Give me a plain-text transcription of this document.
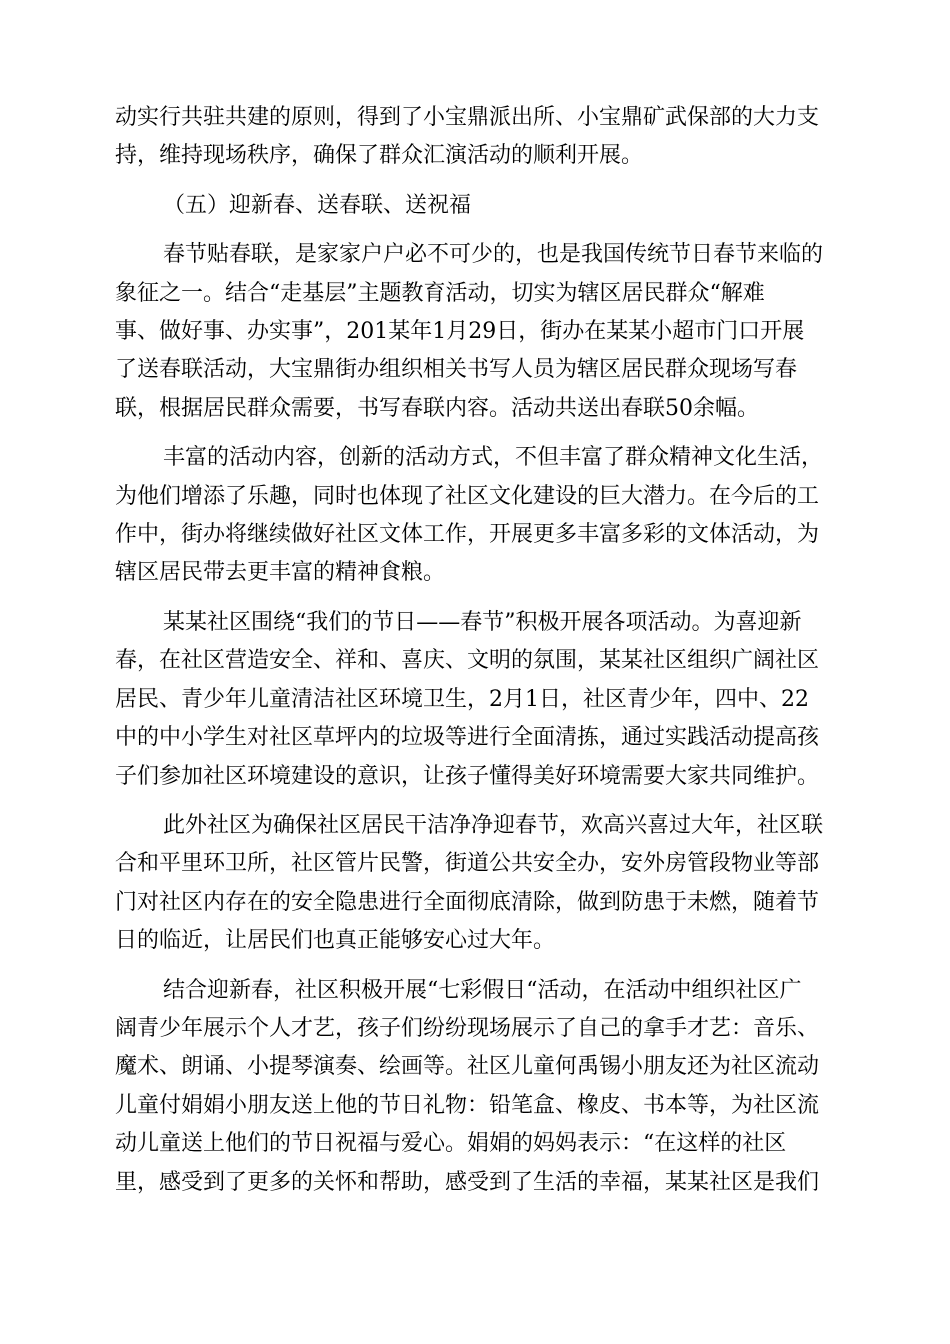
动实行共驻共建的原则，得到了小宝鼎派出所、小宝鼎矿武保部的大力支
持，维持现场秩序，确保了群众汇演活动的顺利开展。

（五）迎新春、送春联、送祝福

春节贴春联，是家家户户必不可少的，也是我国传统节日春节来临的
象征之一。结合“走基层”主题教育活动，切实为辖区居民群众“解难
事、做好事、办实事”，201某年1月29日，街办在某某小超市门口开展
了送春联活动，大宝鼎街办组织相关书写人员为辖区居民群众现场写春
联，根据居民群众需要，书写春联内容。活动共送出春联50余幅。

丰富的活动内容，创新的活动方式，不但丰富了群众精神文化生活，
为他们增添了乐趣，同时也体现了社区文化建设的巨大潜力。在今后的工
作中，街办将继续做好社区文体工作，开展更多丰富多彩的文体活动，为
辖区居民带去更丰富的精神食粮。

某某社区围绕“我们的节日——春节”积极开展各项活动。为喜迎新
春，在社区营造安全、祥和、喜庆、文明的氛围，某某社区组织广阔社区
居民、青少年儿童清洁社区环境卫生，2月1日，社区青少年，四中、22
中的中小学生对社区草坪内的垃圾等进行全面清拣，通过实践活动提高孩
子们参加社区环境建设的意识，让孩子懂得美好环境需要大家共同维护。

此外社区为确保社区居民干洁净净迎春节，欢高兴喜过大年，社区联
合和平里环卫所，社区管片民警，街道公共安全办，安外房管段物业等部
门对社区内存在的安全隐患进行全面彻底清除，做到防患于未燃，随着节
日的临近，让居民们也真正能够安心过大年。

结合迎新春，社区积极开展“七彩假日“活动，在活动中组织社区广
阔青少年展示个人才艺，孩子们纷纷现场展示了自己的拿手才艺：音乐、
魔术、朗诵、小提琴演奏、绘画等。社区儿童何禹锡小朋友还为社区流动
儿童付娟娟小朋友送上他的节日礼物：铅笔盒、橡皮、书本等，为社区流
动儿童送上他们的节日祝福与爱心。娟娟的妈妈表示：“在这样的社区
里，感受到了更多的关怀和帮助，感受到了生活的幸福，某某社区是我们
